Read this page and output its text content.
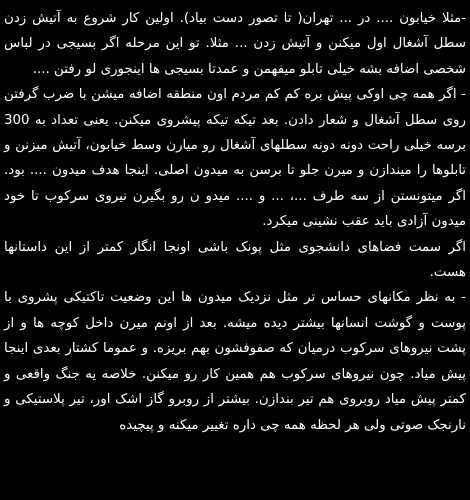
-مثلا خیابون .... در ... تهران( تا تصور دست بیاد). اولین کار شروع به آتیش زدن سطل آشغال اول میکنن و آتیش زدن ... مثلا. تو این مرحله اگر بسیجی در لباس شخصی اضافه بشه خیلی تابلو میفهمن و عمدتا بسیجی ها اینجوری لو رفتن ....

- اگر همه چی اوکی پیش بره کم کم مردم اون منطقه اضافه میشن با ضرب گرفتن روی سطل آشغال و شعار دادن. بعد تیکه تیکه پیشروی میکنن. یعنی تعداد به 300 برسه خیلی راحت دونه دونه سطلهای آشغال رو میارن وسط خیابون، آتیش میزنن و تابلوها را میندازن و میرن جلو تا برسن به میدون اصلی. اینجا هدف میدون .... بود. اگر میتونستن از سه طرف ...، ... و .... میدو ن رو بگیرن نیروی سرکوب تا خود میدون آزادی باید عقب نشینی میکرد.

اگر سمت فضاهای دانشجوی مثل پونک باشی اونجا انگار کمتر از این داستانها هست.

- به نظر مکانهای حساس تر مثل نزدیک میدون ها این وضعیت تاکتیکی پشروی با پوست و گوشت انسانها بیشتر دیده میشه. بعد از اونم میرن داخل کوچه ها و از پشت نیروهای سرکوب درمیان که صفوفشون بهم بریزه. و عموما کشتار بعدی اینجا پیش میاد. چون نیروهای سرکوب هم همین کار رو میکنن. خلاصه یه جنگ واقعی و کمتر پیش میاد روبروی هم تیر بندازن. بیشتر از روبرو گاز اشک اور، تیر پلاستیکی و نارنجک صوتی ولی هر لحظه همه چی داره تغییر میکنه و پیچیده
